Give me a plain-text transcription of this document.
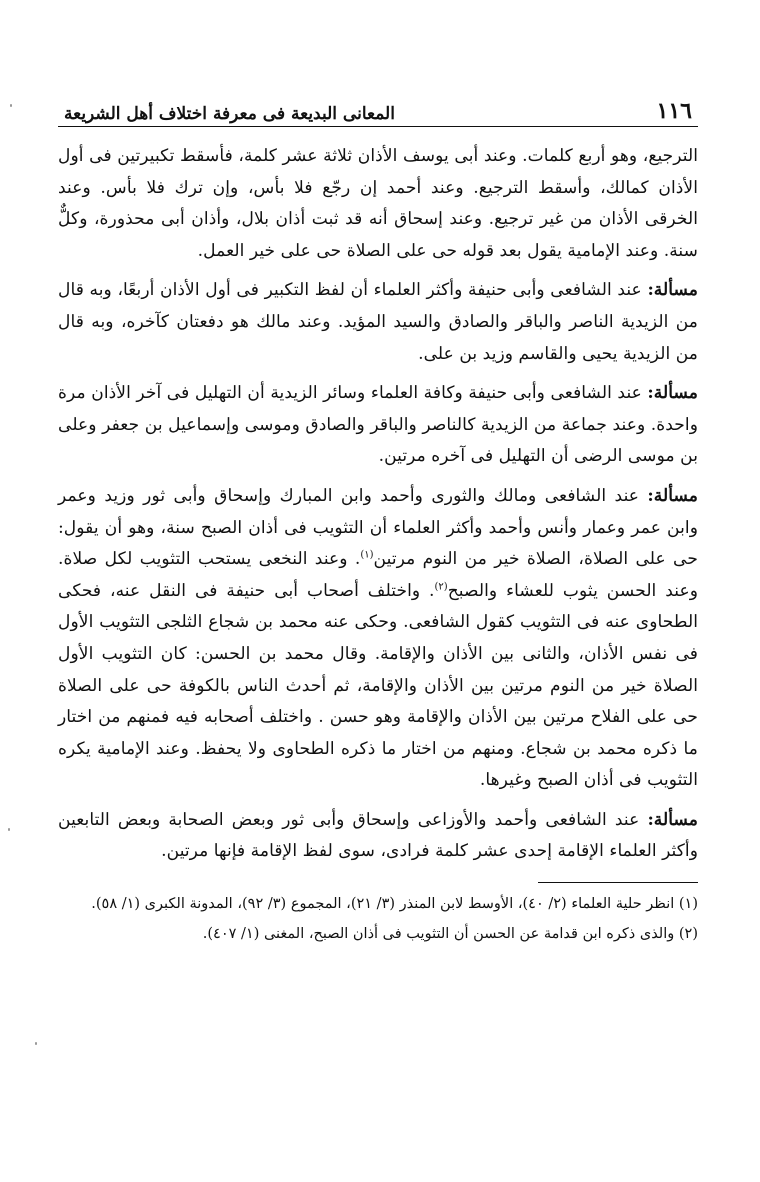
١١٦
المعانى البديعة فى معرفة اختلاف أهل الشريعة

الترجيع، وهو أربع كلمات. وعند أبى يوسف الأذان ثلاثة عشر كلمة، فأسقط تكبيرتين فى أول الأذان كمالك، وأسقط الترجيع. وعند أحمد إن رجّع فلا بأس، وإن ترك فلا بأس. وعند الخرقى الأذان من غير ترجيع. وعند إسحاق أنه قد ثبت أذان بلال، وأذان أبى محذورة، وكلٌّ سنة. وعند الإمامية يقول بعد قوله حى على الصلاة حى على خير العمل.

مسألة: عند الشافعى وأبى حنيفة وأكثر العلماء أن لفظ التكبير فى أول الأذان أربعًا، وبه قال من الزيدية الناصر والباقر والصادق والسيد المؤيد. وعند مالك هو دفعتان كآخره، وبه قال من الزيدية يحيى والقاسم وزيد بن على.

مسألة: عند الشافعى وأبى حنيفة وكافة العلماء وسائر الزيدية أن التهليل فى آخر الأذان مرة واحدة. وعند جماعة من الزيدية كالناصر والباقر والصادق وموسى وإسماعيل بن جعفر وعلى بن موسى الرضى أن التهليل فى آخره مرتين.

مسألة: عند الشافعى ومالك والثورى وأحمد وابن المبارك وإسحاق وأبى ثور وزيد وعمر وابن عمر وعمار وأنس وأحمد وأكثر العلماء أن التثويب فى أذان الصبح سنة، وهو أن يقول: حى على الصلاة، الصلاة خير من النوم مرتين$^{(١)}$. وعند النخعى يستحب التثويب لكل صلاة. وعند الحسن يثوب للعشاء والصبح$^{(٢)}$. واختلف أصحاب أبى حنيفة فى النقل عنه، فحكى الطحاوى عنه فى التثويب كقول الشافعى. وحكى عنه محمد بن شجاع الثلجى التثويب الأول فى نفس الأذان، والثانى بين الأذان والإقامة. وقال محمد بن الحسن: كان التثويب الأول الصلاة خير من النوم مرتين بين الأذان والإقامة، ثم أحدث الناس بالكوفة حى على الصلاة حى على الفلاح مرتين بين الأذان والإقامة وهو حسن . واختلف أصحابه فيه فمنهم من اختار ما ذكره محمد بن شجاع. ومنهم من اختار ما ذكره الطحاوى ولا يحفظ. وعند الإمامية يكره التثويب فى أذان الصبح وغيرها.

مسألة: عند الشافعى وأحمد والأوزاعى وإسحاق وأبى ثور وبعض الصحابة وبعض التابعين وأكثر العلماء الإقامة إحدى عشر كلمة فرادى، سوى لفظ الإقامة فإنها مرتين.

(١) انظر حلية العلماء (٢/ ٤٠)، الأوسط لابن المنذر (٣/ ٢١)، المجموع (٣/ ٩٢)، المدونة الكبرى (١/ ٥٨).

(٢) والذى ذكره ابن قدامة عن الحسن أن التثويب فى أذان الصبح، المغنى (١/ ٤٠٧).
